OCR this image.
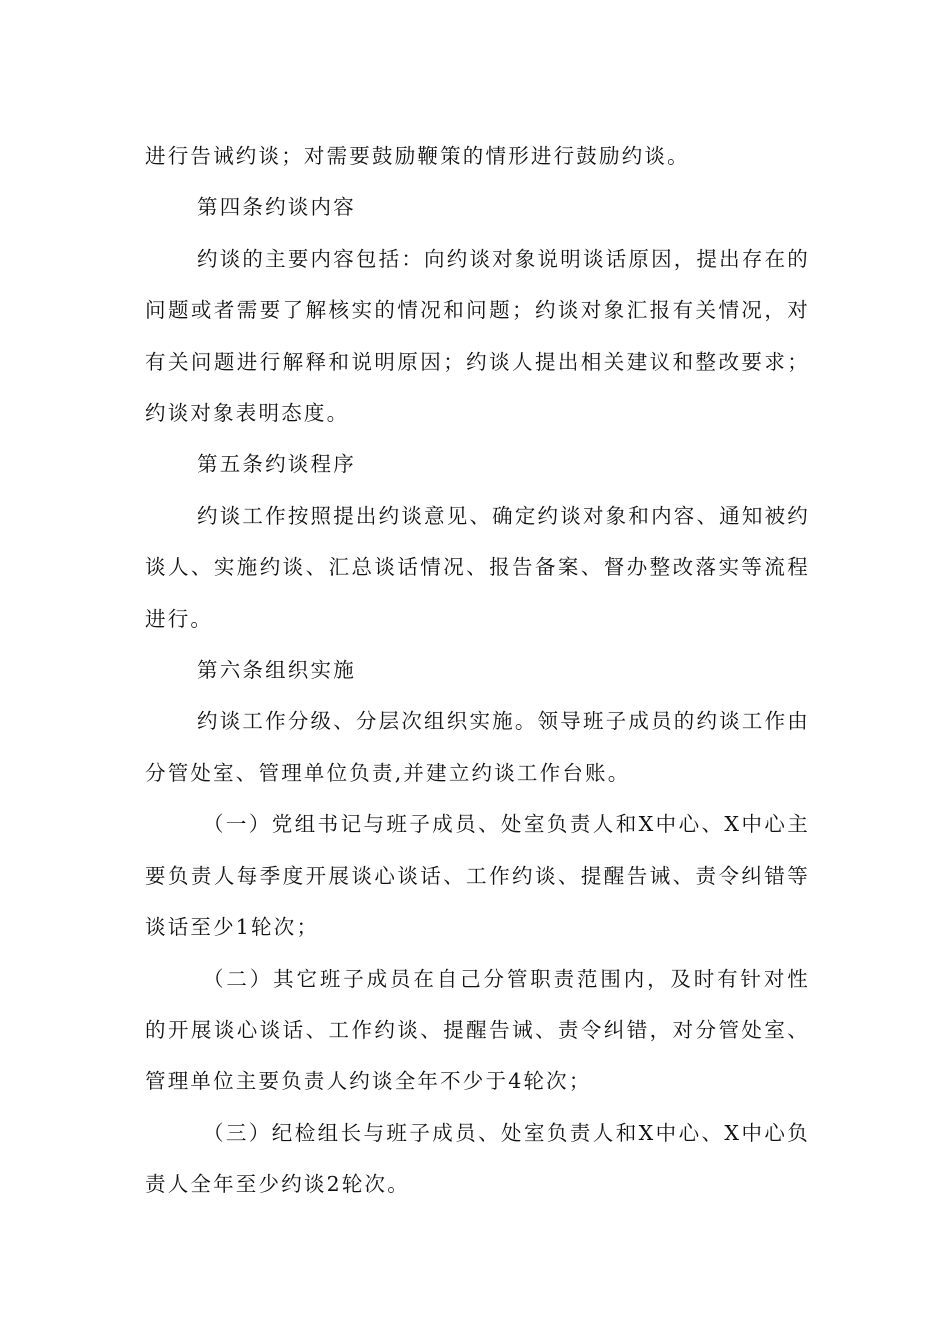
进行告诫约谈；对需要鼓励鞭策的情形进行鼓励约谈。

第四条约谈内容

约谈的主要内容包括：向约谈对象说明谈话原因，提出存在的问题或者需要了解核实的情况和问题；约谈对象汇报有关情况，对有关问题进行解释和说明原因；约谈人提出相关建议和整改要求；约谈对象表明态度。

第五条约谈程序

约谈工作按照提出约谈意见、确定约谈对象和内容、通知被约谈人、实施约谈、汇总谈话情况、报告备案、督办整改落实等流程进行。

第六条组织实施

约谈工作分级、分层次组织实施。领导班子成员的约谈工作由分管处室、管理单位负责,并建立约谈工作台账。

（一）党组书记与班子成员、处室负责人和X中心、X中心主要负责人每季度开展谈心谈话、工作约谈、提醒告诫、责令纠错等谈话至少1轮次；

（二）其它班子成员在自己分管职责范围内，及时有针对性的开展谈心谈话、工作约谈、提醒告诫、责令纠错，对分管处室、管理单位主要负责人约谈全年不少于4轮次；

（三）纪检组长与班子成员、处室负责人和X中心、X中心负责人全年至少约谈2轮次。
